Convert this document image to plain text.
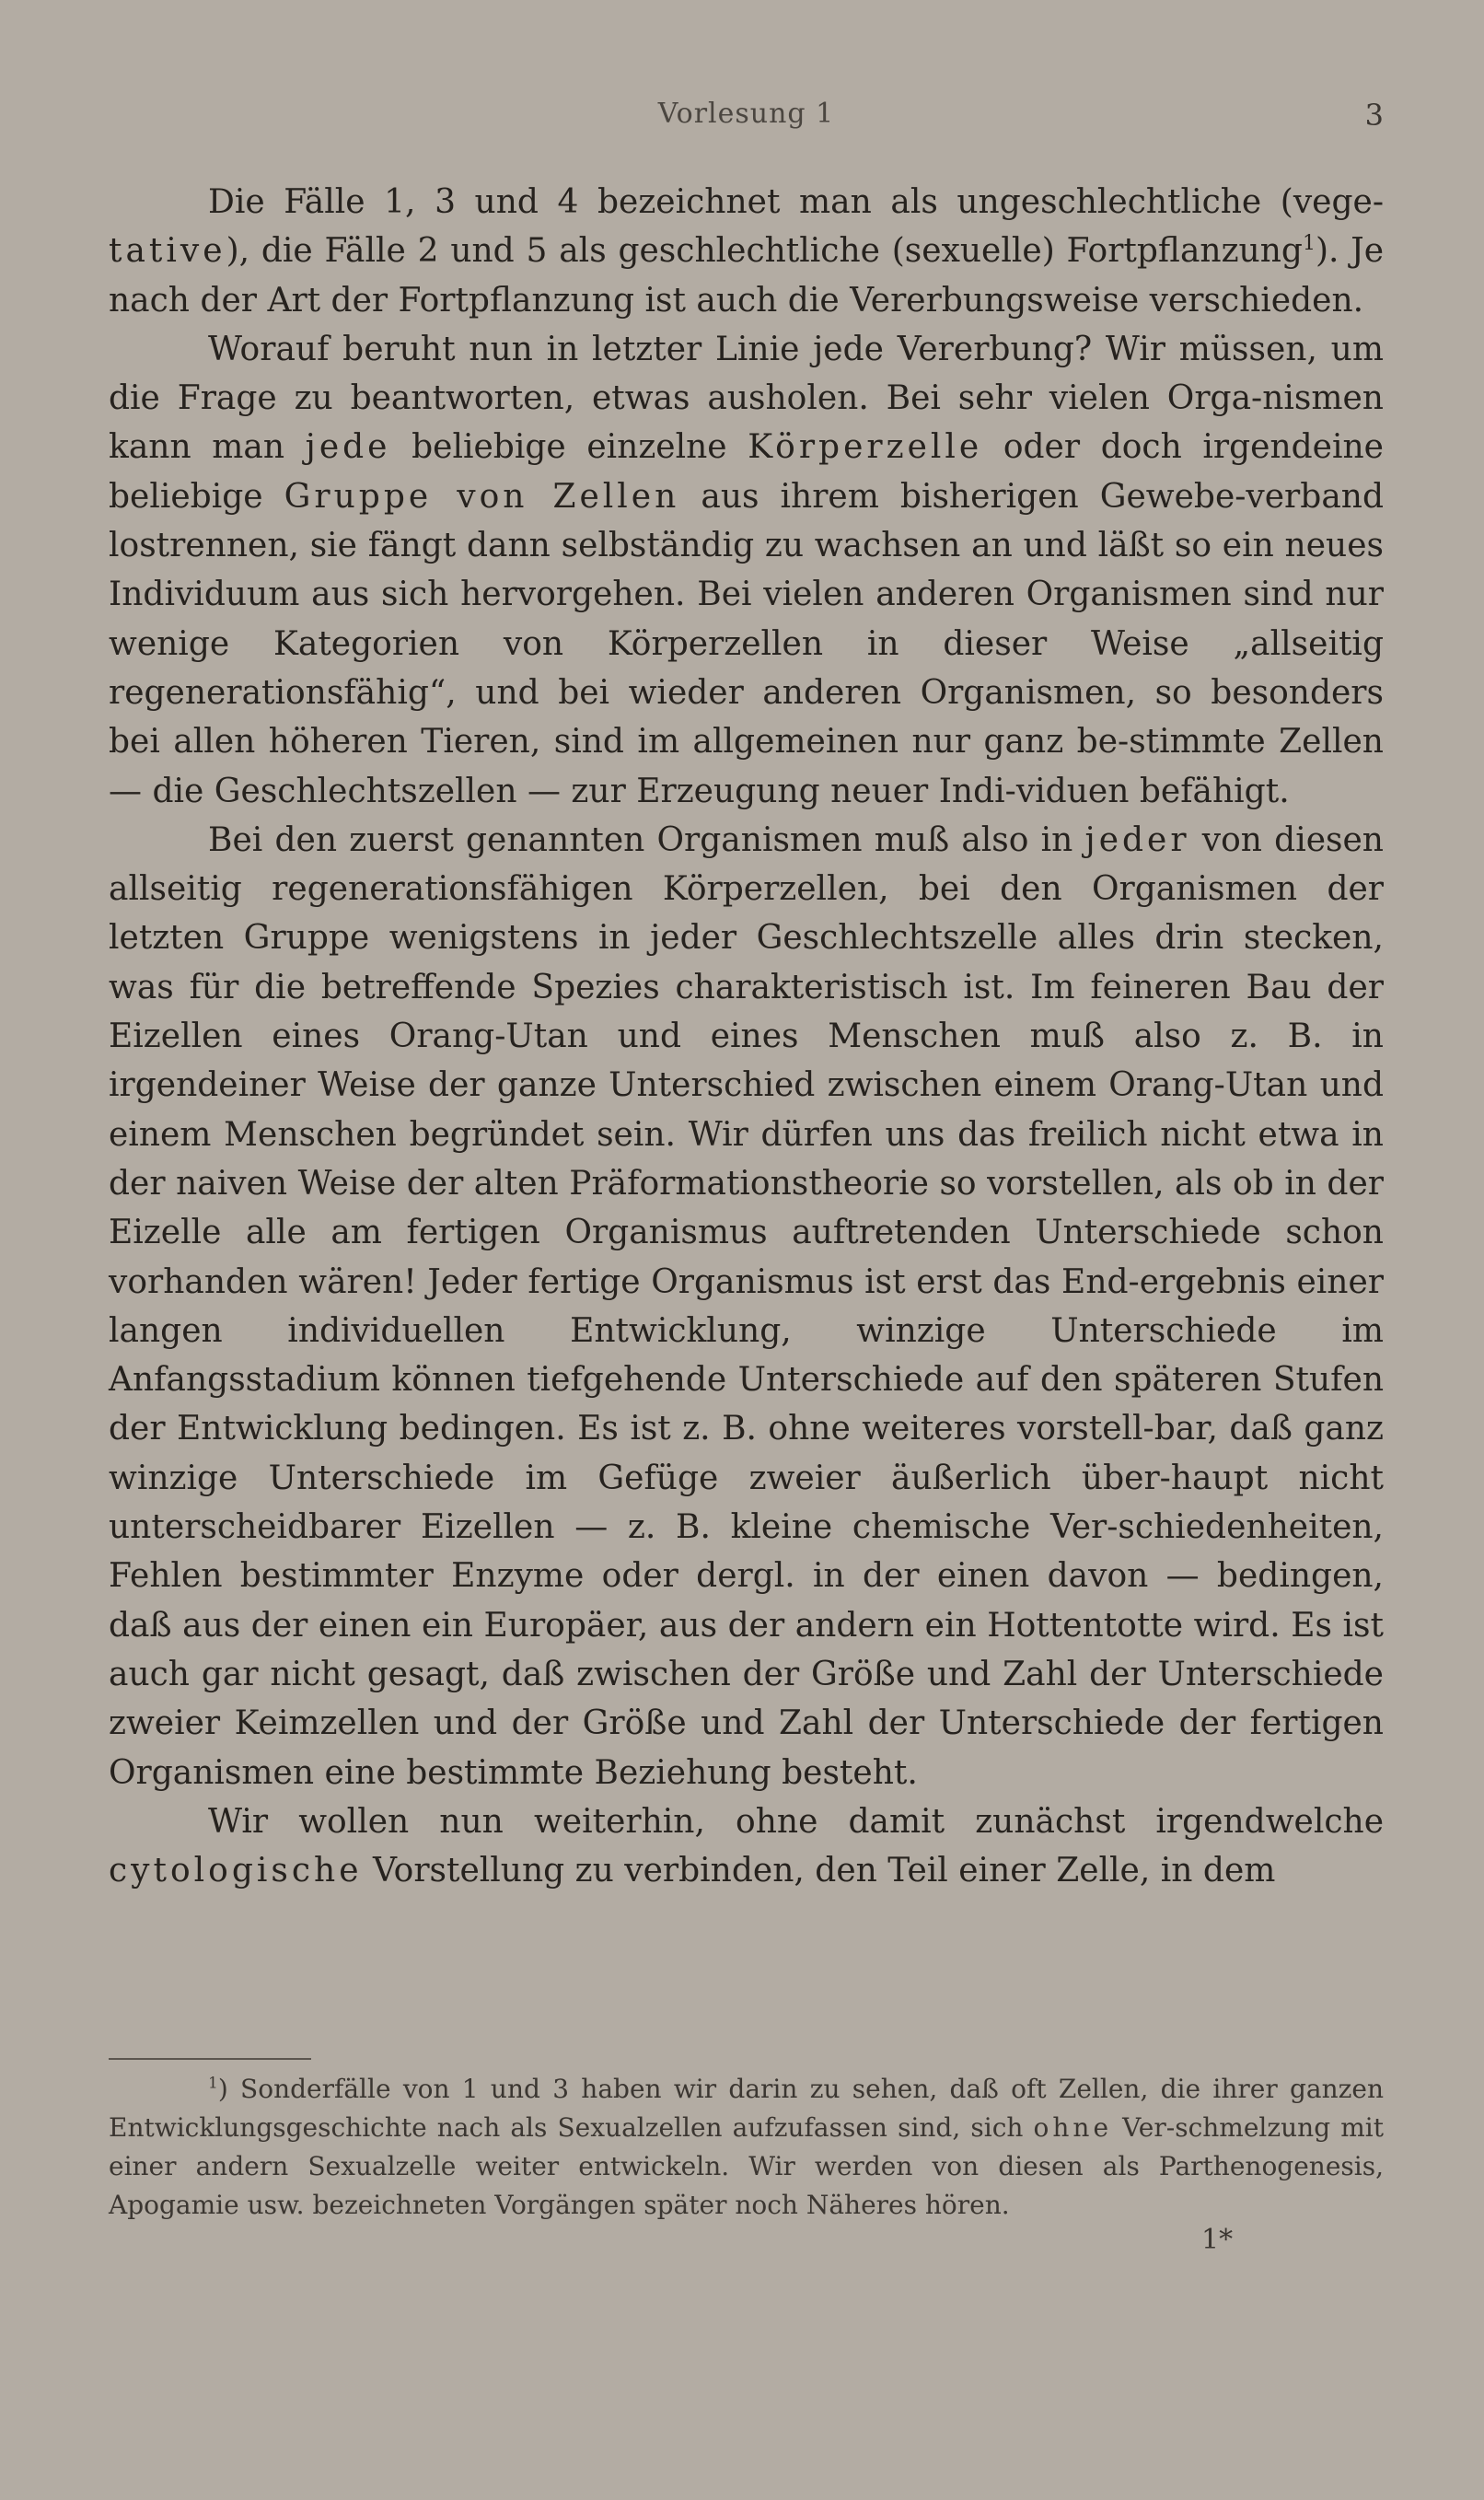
Vorlesung 1	3

Die Fälle 1, 3 und 4 bezeichnet man als ungeschlechtliche (vege-tative), die Fälle 2 und 5 als geschlechtliche (sexuelle) Fortpflanzung$^1$). Je nach der Art der Fortpflanzung ist auch die Vererbungsweise verschieden.

Worauf beruht nun in letzter Linie jede Vererbung? Wir müssen, um die Frage zu beantworten, etwas ausholen. Bei sehr vielen Orga-nismen kann man jede beliebige einzelne Körperzelle oder doch irgendeine beliebige Gruppe von Zellen aus ihrem bisherigen Gewebe-verband lostrennen, sie fängt dann selbständig zu wachsen an und läßt so ein neues Individuum aus sich hervorgehen. Bei vielen anderen Organismen sind nur wenige Kategorien von Körperzellen in dieser Weise „allseitig regenerationsfähig“, und bei wieder anderen Organismen, so besonders bei allen höheren Tieren, sind im allgemeinen nur ganz be-stimmte Zellen — die Geschlechtszellen — zur Erzeugung neuer Indi-viduen befähigt.

Bei den zuerst genannten Organismen muß also in jeder von diesen allseitig regenerationsfähigen Körperzellen, bei den Organismen der letzten Gruppe wenigstens in jeder Geschlechtszelle alles drin stecken, was für die betreffende Spezies charakteristisch ist. Im feineren Bau der Eizellen eines Orang-Utan und eines Menschen muß also z. B. in irgendeiner Weise der ganze Unterschied zwischen einem Orang-Utan und einem Menschen begründet sein. Wir dürfen uns das freilich nicht etwa in der naiven Weise der alten Präformationstheorie so vorstellen, als ob in der Eizelle alle am fertigen Organismus auftretenden Unterschiede schon vorhanden wären! Jeder fertige Organismus ist erst das End-ergebnis einer langen individuellen Entwicklung, winzige Unterschiede im Anfangsstadium können tiefgehende Unterschiede auf den späteren Stufen der Entwicklung bedingen. Es ist z. B. ohne weiteres vorstell-bar, daß ganz winzige Unterschiede im Gefüge zweier äußerlich über-haupt nicht unterscheidbarer Eizellen — z. B. kleine chemische Ver-schiedenheiten, Fehlen bestimmter Enzyme oder dergl. in der einen davon — bedingen, daß aus der einen ein Europäer, aus der andern ein Hottentotte wird. Es ist auch gar nicht gesagt, daß zwischen der Größe und Zahl der Unterschiede zweier Keimzellen und der Größe und Zahl der Unterschiede der fertigen Organismen eine bestimmte Beziehung besteht.

Wir wollen nun weiterhin, ohne damit zunächst irgendwelche cytologische Vorstellung zu verbinden, den Teil einer Zelle, in dem

$^1$) Sonderfälle von 1 und 3 haben wir darin zu sehen, daß oft Zellen, die ihrer ganzen Entwicklungsgeschichte nach als Sexualzellen aufzufassen sind, sich ohne Ver-schmelzung mit einer andern Sexualzelle weiter entwickeln. Wir werden von diesen als Parthenogenesis, Apogamie usw. bezeichneten Vorgängen später noch Näheres hören.

1*
